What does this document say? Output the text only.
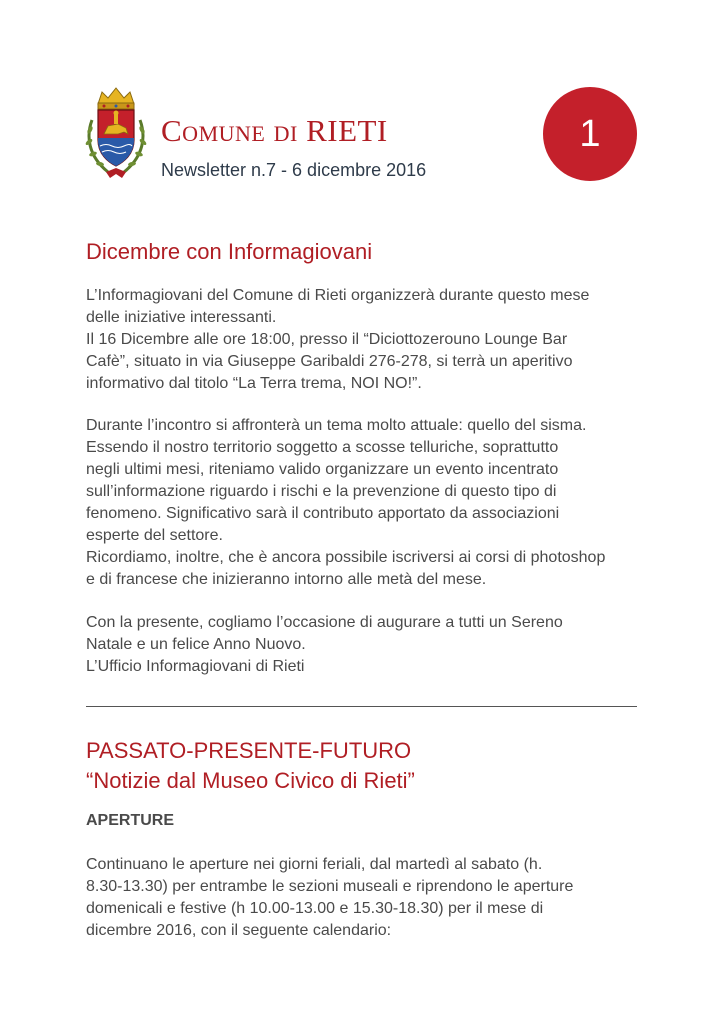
Comune di RIETI
Newsletter n.7 - 6 dicembre 2016
1
Dicembre con Informagiovani
L’Informagiovani del Comune di Rieti organizzerà durante questo mese
delle iniziative interessanti.
Il 16 Dicembre alle ore 18:00, presso il “Diciottozerouno Lounge Bar
Cafè”, situato in via Giuseppe Garibaldi 276-278, si terrà un aperitivo
informativo dal titolo “La Terra trema, NOI NO!”.
Durante l’incontro si affronterà un tema molto attuale: quello del sisma.
Essendo il nostro territorio soggetto a scosse telluriche, soprattutto
negli ultimi mesi, riteniamo valido organizzare un evento incentrato
sull’informazione riguardo i rischi e la prevenzione di questo tipo di
fenomeno. Significativo sarà il contributo apportato da associazioni
esperte del settore.
Ricordiamo, inoltre, che è ancora possibile iscriversi ai corsi di photoshop
e di francese che inizieranno intorno alle metà del mese.
Con la presente, cogliamo l’occasione di augurare a tutti un Sereno
Natale e un felice Anno Nuovo.
L’Ufficio Informagiovani di Rieti
PASSATO-PRESENTE-FUTURO
“Notizie dal Museo Civico di Rieti”
APERTURE
Continuano le aperture nei giorni feriali, dal martedì al sabato (h.
8.30-13.30) per entrambe le sezioni museali e riprendono le aperture
domenicali e festive (h 10.00-13.00 e 15.30-18.30) per il mese di
dicembre 2016, con il seguente calendario:
